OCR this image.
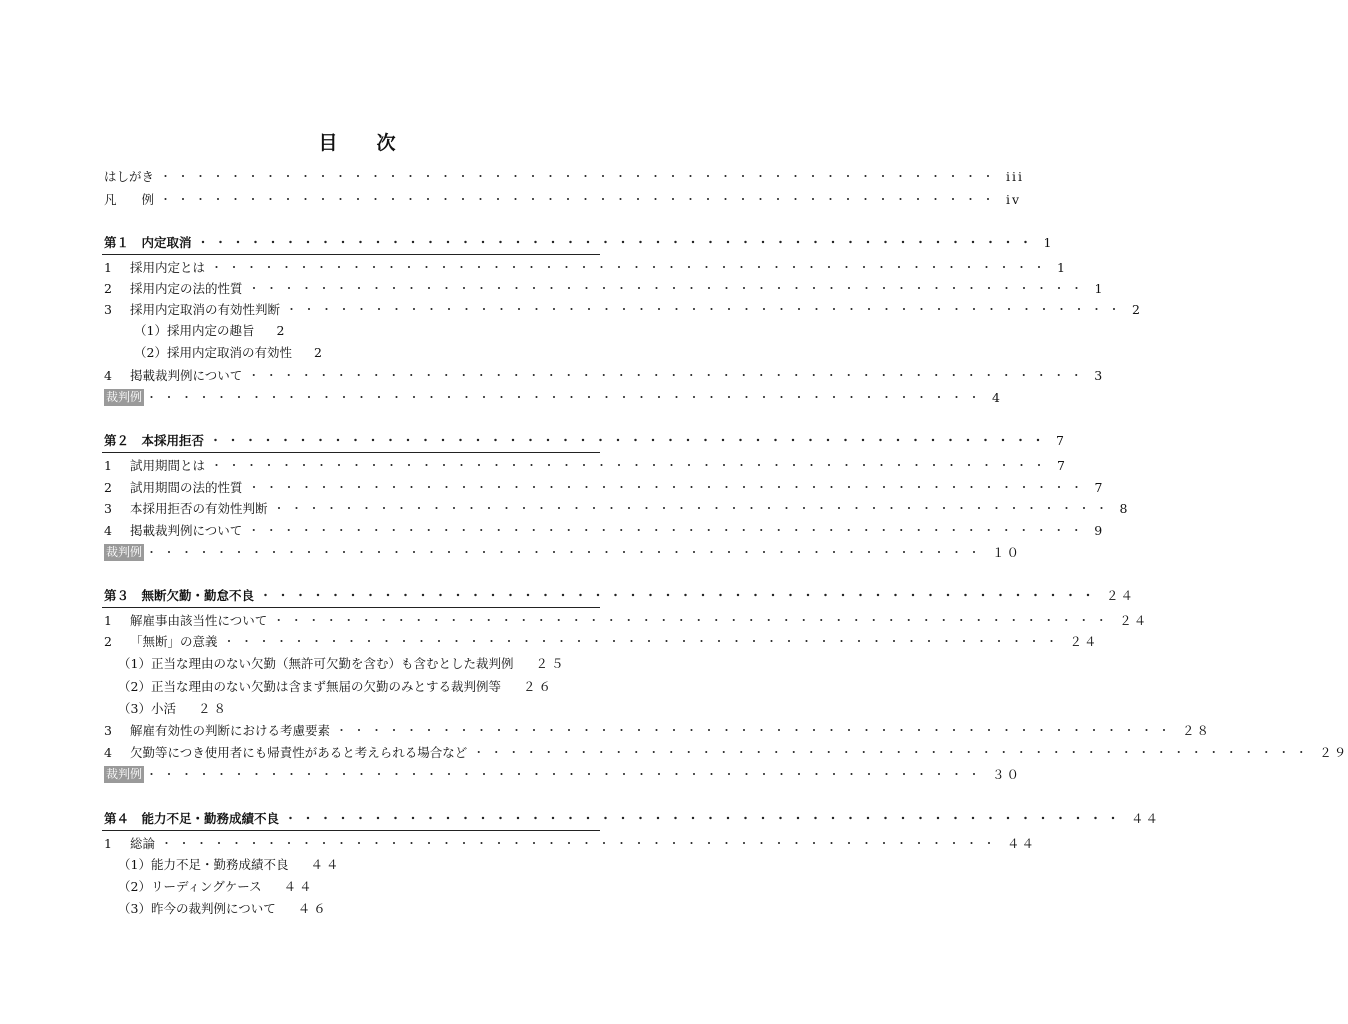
目　次
はしがき ・・・・・・・・・・・・・・・・・・・・・・・・・・・・・・・・・・・・・・・・・・・・・・・・ iii
凡　　例 ・・・・・・・・・・・・・・・・・・・・・・・・・・・・・・・・・・・・・・・・・・・・・・・・ iv
第１　 内定取消 ・・・・・・・・・・・・・・・・・・・・・・・・・・・・・・・・・・・・・・・・・・・・・・・・ 1
1 採用内定とは ・・・・・・・・・・・・・・・・・・・・・・・・・・・・・・・・・・・・・・・・・・・・・・・・ 1
2 採用内定の法的性質 ・・・・・・・・・・・・・・・・・・・・・・・・・・・・・・・・・・・・・・・・・・・・・・・・ 1
3 採用内定取消の有効性判断 ・・・・・・・・・・・・・・・・・・・・・・・・・・・・・・・・・・・・・・・・・・・・・・・・ 2
（1） 採用内定の趣旨 2
（2） 採用内定取消の有効性 2
4 掲載裁判例について ・・・・・・・・・・・・・・・・・・・・・・・・・・・・・・・・・・・・・・・・・・・・・・・・ 3
裁判例 ・・・・・・・・・・・・・・・・・・・・・・・・・・・・・・・・・・・・・・・・・・・・・・・・ 4
第２　 本採用拒否 ・・・・・・・・・・・・・・・・・・・・・・・・・・・・・・・・・・・・・・・・・・・・・・・・ 7
1 試用期間とは ・・・・・・・・・・・・・・・・・・・・・・・・・・・・・・・・・・・・・・・・・・・・・・・・ 7
2 試用期間の法的性質 ・・・・・・・・・・・・・・・・・・・・・・・・・・・・・・・・・・・・・・・・・・・・・・・・ 7
3 本採用拒否の有効性判断 ・・・・・・・・・・・・・・・・・・・・・・・・・・・・・・・・・・・・・・・・・・・・・・・・ 8
4 掲載裁判例について ・・・・・・・・・・・・・・・・・・・・・・・・・・・・・・・・・・・・・・・・・・・・・・・・ 9
裁判例 ・・・・・・・・・・・・・・・・・・・・・・・・・・・・・・・・・・・・・・・・・・・・・・・・ １０
第３　 無断欠勤・勤怠不良 ・・・・・・・・・・・・・・・・・・・・・・・・・・・・・・・・・・・・・・・・・・・・・・・・ ２４
1 解雇事由該当性について ・・・・・・・・・・・・・・・・・・・・・・・・・・・・・・・・・・・・・・・・・・・・・・・・ ２４
2 「無断」の意義 ・・・・・・・・・・・・・・・・・・・・・・・・・・・・・・・・・・・・・・・・・・・・・・・・ ２４
（1） 正当な理由のない欠勤（無許可欠勤を含む）も含むとした裁判例 ２５
（2） 正当な理由のない欠勤は含まず無届の欠勤のみとする裁判例等 ２６
（3） 小活 ２８
3 解雇有効性の判断における考慮要素 ・・・・・・・・・・・・・・・・・・・・・・・・・・・・・・・・・・・・・・・・・・・・・・・・ ２８
4 欠勤等につき使用者にも帰責性があると考えられる場合など ・・・・・・・・・・・・・・・・・・・・・・・・・・・・・・・・・・・・・・・・・・・・・・・・ ２９
裁判例 ・・・・・・・・・・・・・・・・・・・・・・・・・・・・・・・・・・・・・・・・・・・・・・・・ ３０
第４　 能力不足・勤務成績不良 ・・・・・・・・・・・・・・・・・・・・・・・・・・・・・・・・・・・・・・・・・・・・・・・・ ４４
1 総論 ・・・・・・・・・・・・・・・・・・・・・・・・・・・・・・・・・・・・・・・・・・・・・・・・ ４４
（1） 能力不足・勤務成績不良 ４４
（2） リーディングケース ４４
（3） 昨今の裁判例について ４６
